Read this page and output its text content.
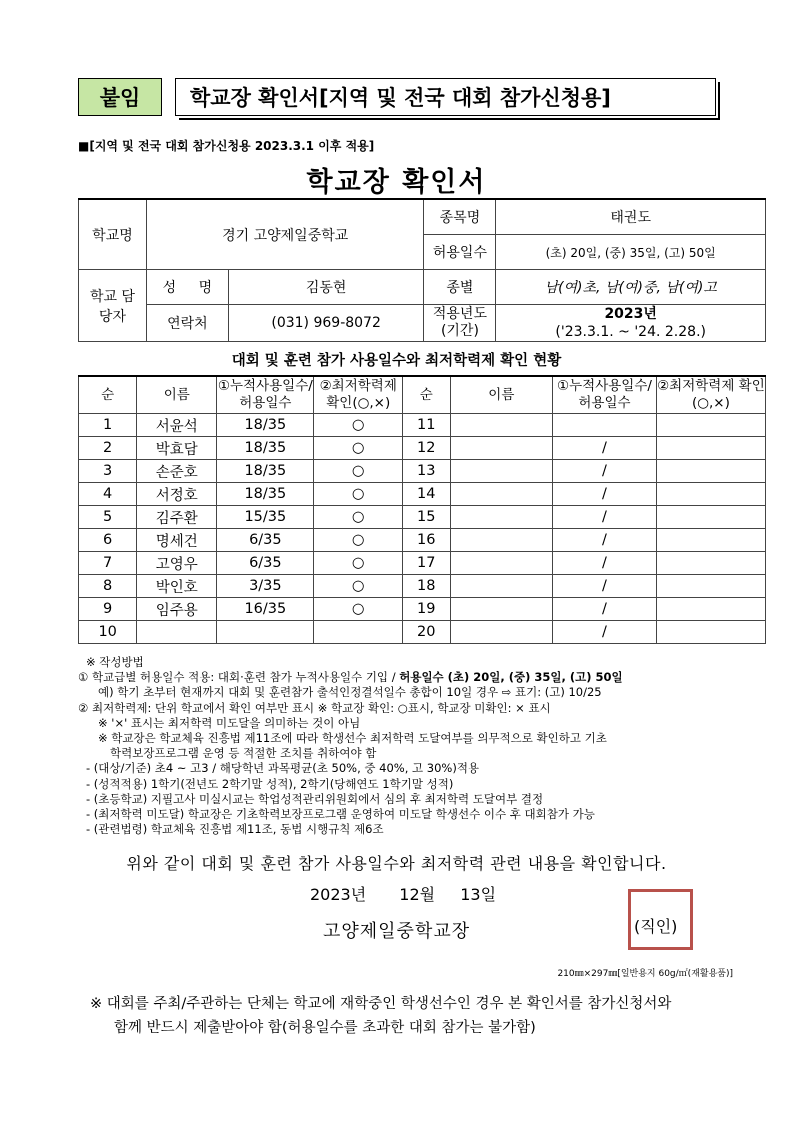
붙임	학교장 확인서[지역 및 전국 대회 참가신청용]
■[지역 및 전국 대회 참가신청용 2023.3.1 이후 적용]
학교장 확인서
학교명	경기 고양제일중학교		종목명	태권도
			허용일수	(초) 20일, (중) 35일, (고) 50일
학교 담당자	성 명	김동현	종별	남(여)초, 남(여)중, 남(여)고
	연락처	(031) 969-8072	적용년도 (기간)	2023년
('23.3.1. ~ '24. 2.28.)
대회 및 훈련 참가 사용일수와 최저학력제 확인 현황
순	이름	①누적사용일수/허용일수	②최저학력제 확인(○,×)	순	이름	①누적사용일수/허용일수	②최저학력제 확인(○,×)
1	서윤석	18/35	○	11			
2	박효담	18/35	○	12		/	
3	손준호	18/35	○	13		/	
4	서정호	18/35	○	14		/	
5	김주환	15/35	○	15		/	
6	명세건	6/35	○	16		/	
7	고영우	6/35	○	17		/	
8	박인호	3/35	○	18		/	
9	임주용	16/35	○	19		/	
10				20		/	
※ 작성방법
① 학교급별 허용일수 적용: 대회·훈련 참가 누적사용일수 기입 / 허용일수 (초) 20일, (중) 35일, (고) 50일
예) 학기 초부터 현재까지 대회 및 훈련참가 출석인정결석일수 총합이 10일 경우 ⇨ 표기: (고) 10/25
② 최저학력제: 단위 학교에서 확인 여부만 표시 ※ 학교장 확인: ○표시, 학교장 미확인: × 표시
※ '×' 표시는 최저학력 미도달을 의미하는 것이 아님
※ 학교장은 학교체육 진흥법 제11조에 따라 학생선수 최저학력 도달여부를 의무적으로 확인하고 기초
학력보장프로그램 운영 등 적절한 조치를 취하여야 함
- (대상/기준) 초4 ~ 고3 / 해당학년 과목평균(초 50%, 중 40%, 고 30%)적용
- (성적적용) 1학기(전년도 2학기말 성적), 2학기(당해연도 1학기말 성적)
- (초등학교) 지필고사 미실시교는 학업성적관리위원회에서 심의 후 최저학력 도달여부 결정
- (최저학력 미도달) 학교장은 기초학력보장프로그램 운영하여 미도달 학생선수 이수 후 대회참가 가능
- (관련법령) 학교체육 진흥법 제11조, 동법 시행규칙 제6조
위와 같이 대회 및 훈련 참가 사용일수와 최저학력 관련 내용을 확인합니다.
2023년 12월 13일
고양제일중학교장	(직인)
210㎜×297㎜[일반용지 60g/㎡(재활용품)]
※ 대회를 주최/주관하는 단체는 학교에 재학중인 학생선수인 경우 본 확인서를 참가신청서와
함께 반드시 제출받아야 함(허용일수를 초과한 대회 참가는 불가함)
